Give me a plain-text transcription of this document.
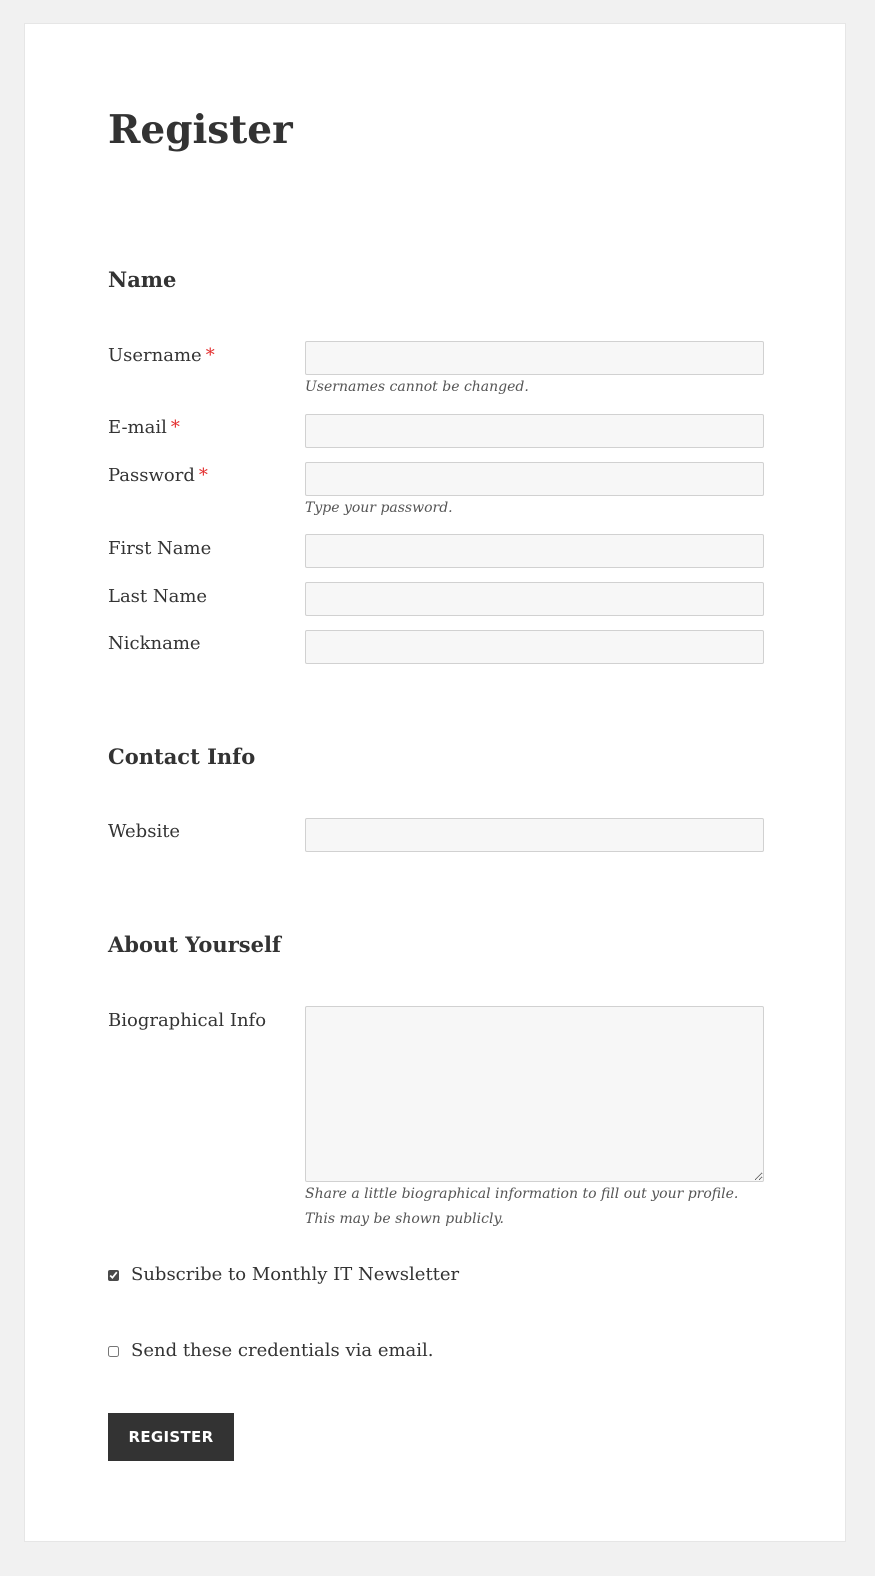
Register
Name
Username *
Usernames cannot be changed.
E-mail *
Password *
Type your password.
First Name
Last Name
Nickname
Contact Info
Website
About Yourself
Biographical Info
Share a little biographical information to fill out your profile.
This may be shown publicly.
Subscribe to Monthly IT Newsletter
Send these credentials via email.
REGISTER
